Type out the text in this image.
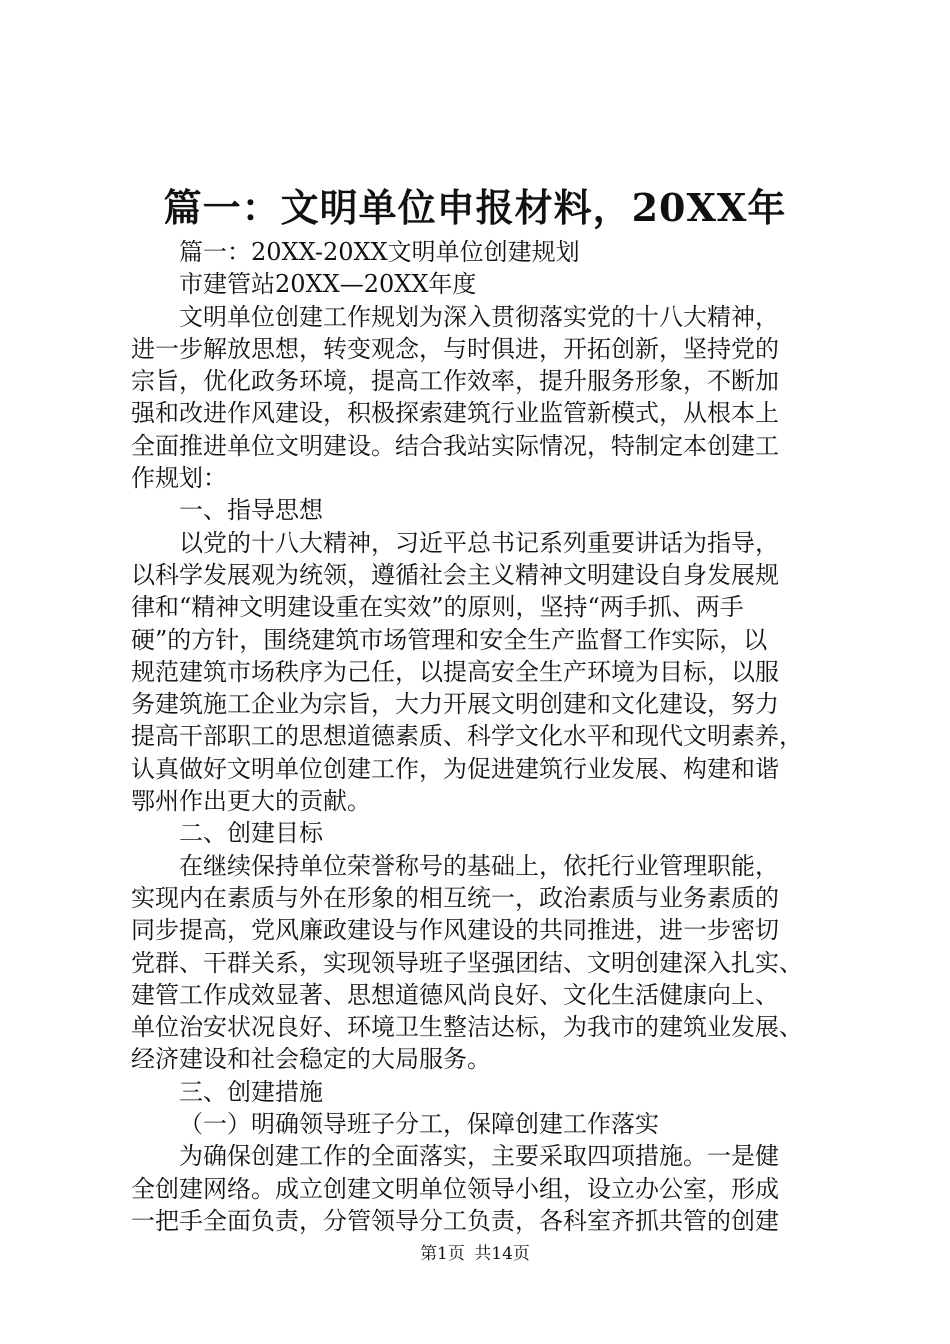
篇一：文明单位申报材料，20XX年
篇一：20XX-20XX文明单位创建规划
市建管站20XX—20XX年度
文明单位创建工作规划为深入贯彻落实党的十八大精神，
进一步解放思想，转变观念，与时俱进，开拓创新，坚持党的
宗旨，优化政务环境，提高工作效率，提升服务形象，不断加
强和改进作风建设，积极探索建筑行业监管新模式，从根本上
全面推进单位文明建设。结合我站实际情况，特制定本创建工
作规划：
一、指导思想
以党的十八大精神，习近平总书记系列重要讲话为指导，
以科学发展观为统领，遵循社会主义精神文明建设自身发展规
律和“精神文明建设重在实效”的原则，坚持“两手抓、两手
硬”的方针，围绕建筑市场管理和安全生产监督工作实际，以
规范建筑市场秩序为己任，以提高安全生产环境为目标，以服
务建筑施工企业为宗旨，大力开展文明创建和文化建设，努力
提高干部职工的思想道德素质、科学文化水平和现代文明素养，
认真做好文明单位创建工作，为促进建筑行业发展、构建和谐
鄂州作出更大的贡献。
二、创建目标
在继续保持单位荣誉称号的基础上，依托行业管理职能，
实现内在素质与外在形象的相互统一，政治素质与业务素质的
同步提高，党风廉政建设与作风建设的共同推进，进一步密切
党群、干群关系，实现领导班子坚强团结、文明创建深入扎实、
建管工作成效显著、思想道德风尚良好、文化生活健康向上、
单位治安状况良好、环境卫生整洁达标，为我市的建筑业发展、
经济建设和社会稳定的大局服务。
三、创建措施
（一）明确领导班子分工，保障创建工作落实
为确保创建工作的全面落实，主要采取四项措施。一是健
全创建网络。成立创建文明单位领导小组，设立办公室，形成
一把手全面负责，分管领导分工负责，各科室齐抓共管的创建
第1页 共14页
